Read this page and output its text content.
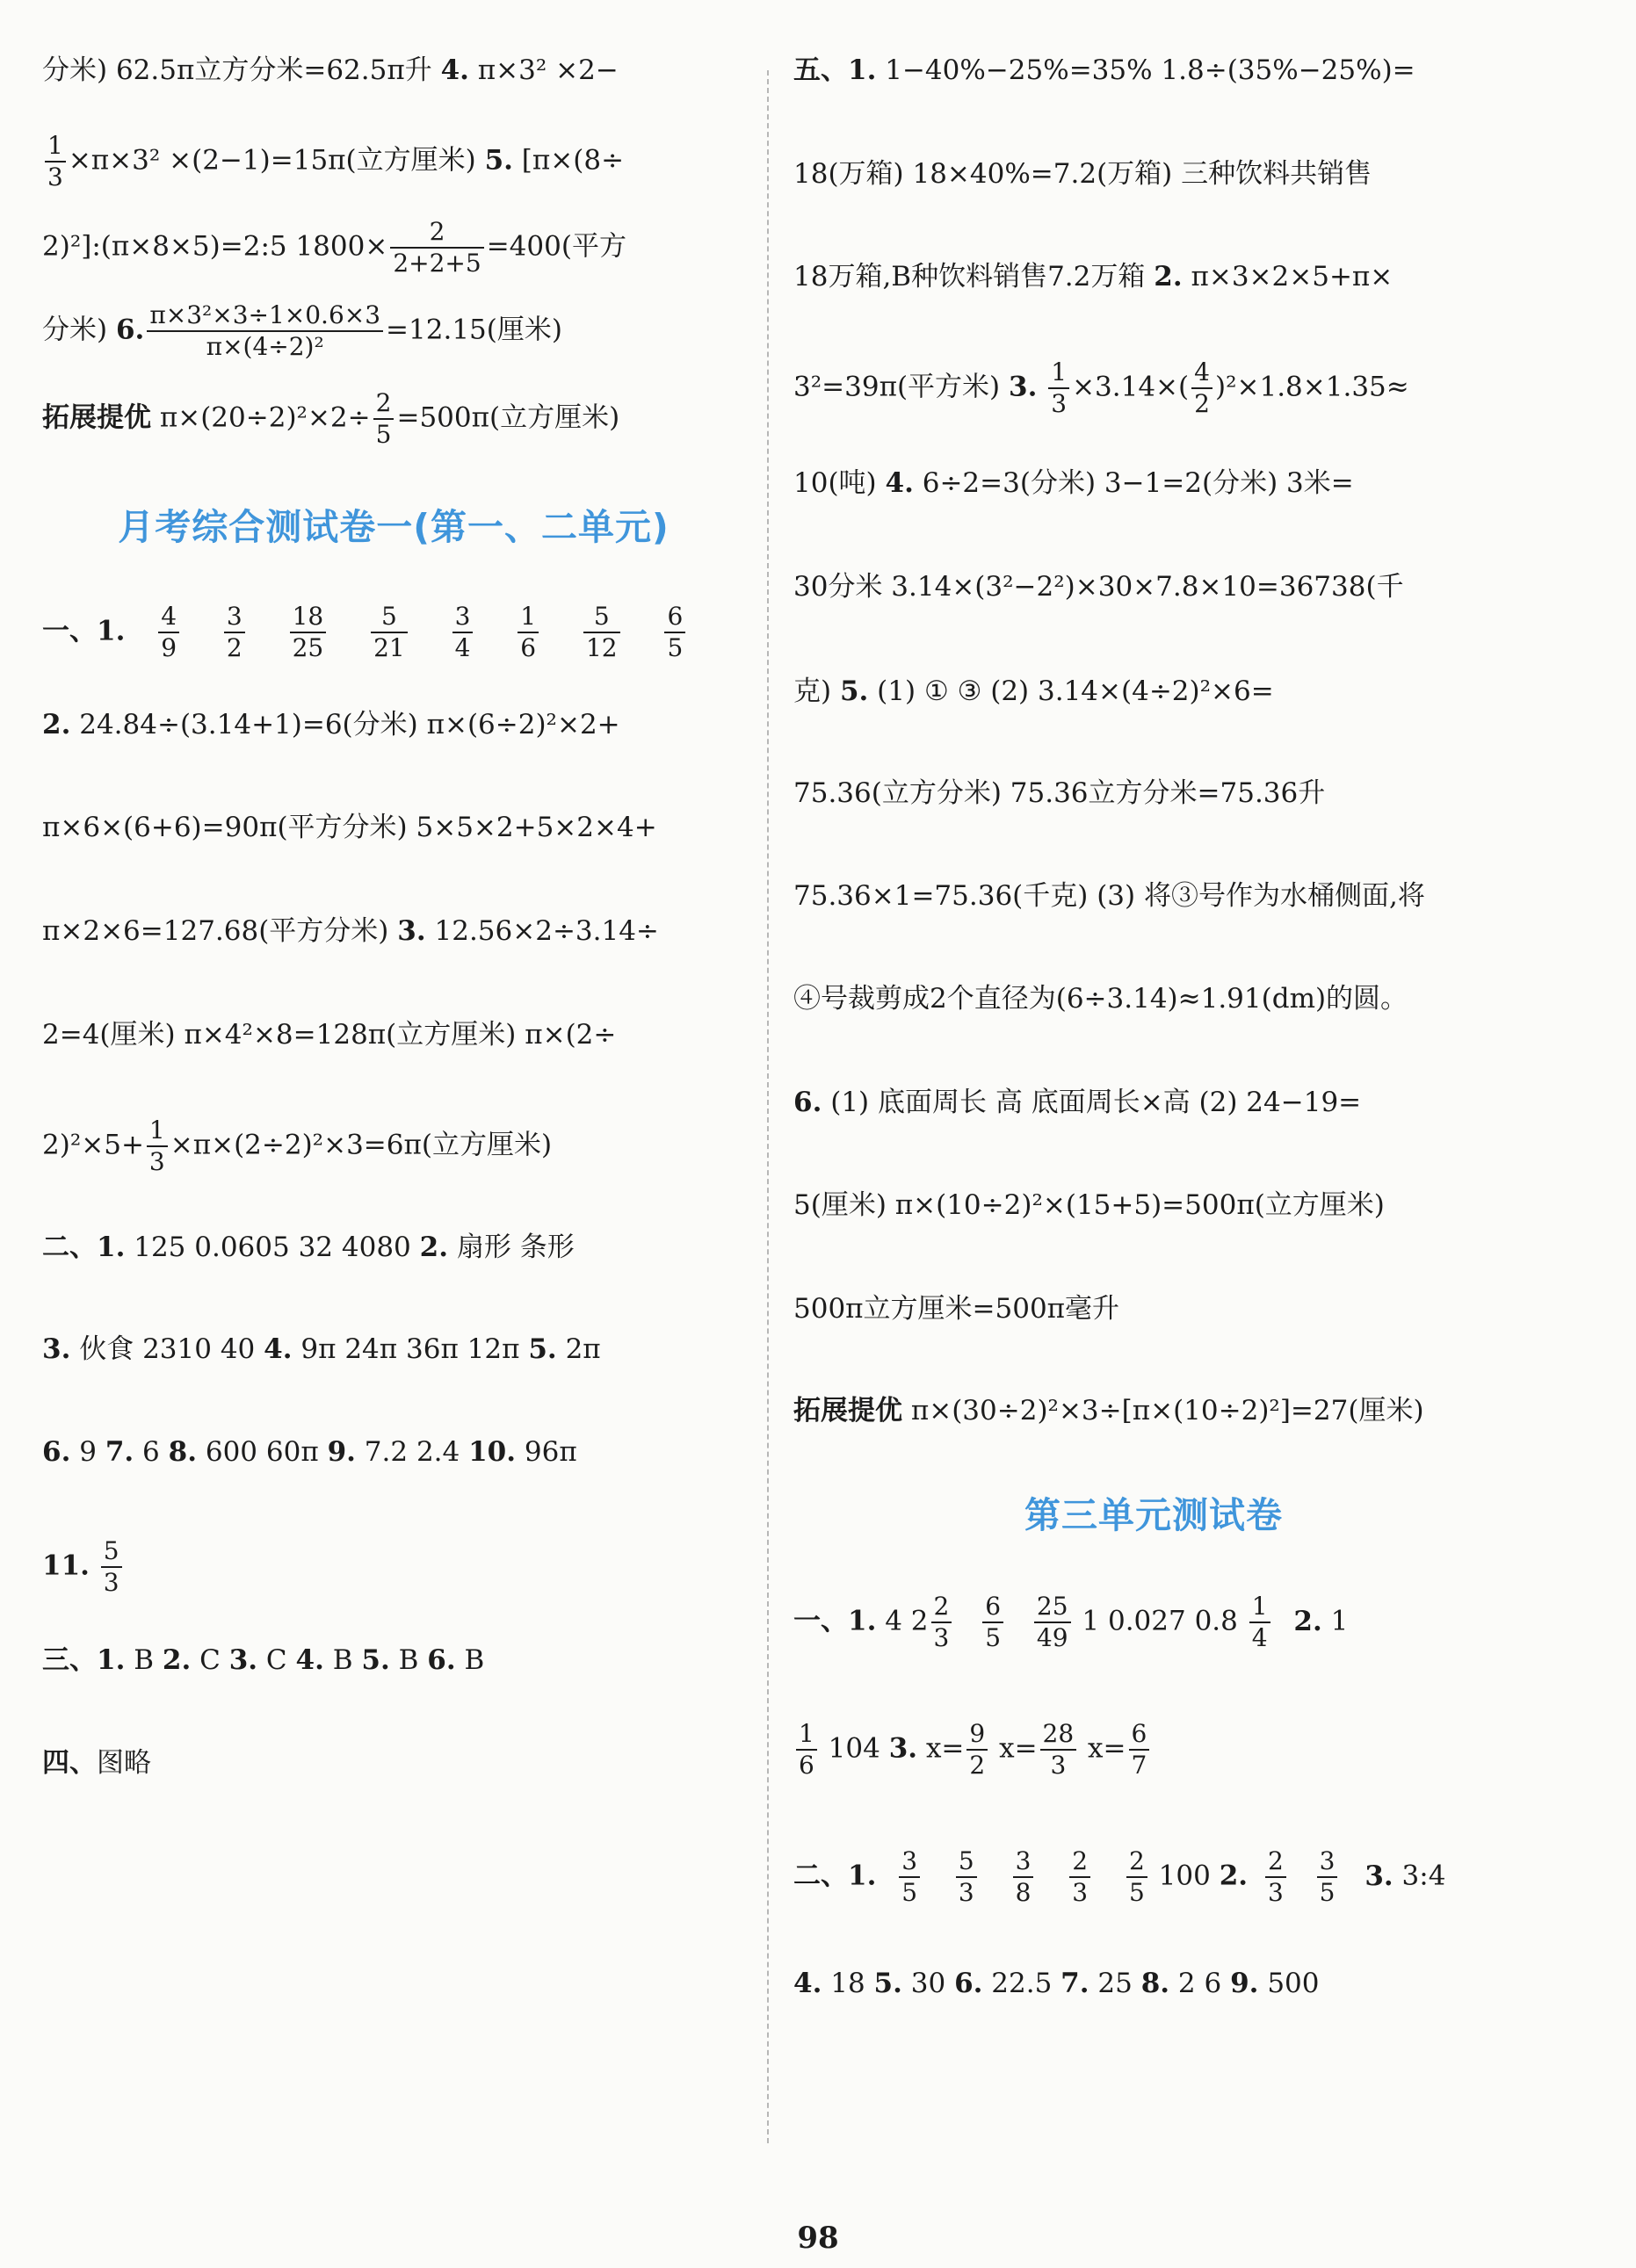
分米) 62.5π立方分米=62.5π升 4. π×3² ×2−
$\frac{1}{3} \times\pi\times 3^2 \times(2-1)=15\pi$(立方厘米) 5. [π×(8÷
2)²]:(π×8×5)=2:5 $1800\times \frac{2}{2+2+5} =400$(平方
分米) 6. $\frac{\text{π×3²×3÷1×0.6×3}}{\text{π×(4÷2)²}} =12.15$(厘米)
拓展提优 $\pi\times(20\div 2)^2\times 2\div \frac{2}{5} =500\pi$(立方厘米)
月考综合测试卷一(第一、二单元)
一、1. $\frac{4}{9}$
$\frac{3}{2}$
$\frac{18}{25}$
$\frac{5}{21}$
$\frac{3}{4}$
$\frac{1}{6}$
$\frac{5}{12}$
$\frac{6}{5}$
2. 24.84÷(3.14+1)=6(分米) π×(6÷2)²×2+
π×6×(6+6)=90π(平方分米) 5×5×2+5×2×4+
π×2×6=127.68(平方分米) 3. 12.56×2÷3.14÷
2=4(厘米) π×4²×8=128π(立方厘米) π×(2÷
$2)^2\times 5+ \frac{1}{3} \times\pi\times(2\div 2)^2\times 3=6\pi$(立方厘米)
二、1. 125 0.0605 32 4080 2. 扇形 条形
3. 伙食 2310 40 4. 9π 24π 36π 12π 5. 2π
6. 9 7. 6 8. 600 60π 9. 7.2 2.4 10. 96π
11. $\frac{5}{3}$
三、1. B 2. C 3. C 4. B 5. B 6. B
四、图略
五、1. 1−40%−25%=35% 1.8÷(35%−25%)=
18(万箱) 18×40%=7.2(万箱) 三种饮料共销售
18万箱,B种饮料销售7.2万箱 2. π×3×2×5+π×
3²=39π(平方米) 3. $\frac{1}{3} \times 3.14\times( \frac{4}{2} )^2\times 1.8\times 1.35\approx$
10(吨) 4. 6÷2=3(分米) 3−1=2(分米) 3米=
30分米 3.14×(3²−2²)×30×7.8×10=36738(千
克) 5. (1) ① ③ (2) 3.14×(4÷2)²×6=
75.36(立方分米) 75.36立方分米=75.36升
75.36×1=75.36(千克) (3) 将③号作为水桶侧面,将
④号裁剪成2个直径为(6÷3.14)≈1.91(dm)的圆。
6. (1) 底面周长 高 底面周长×高 (2) 24−19=
5(厘米) π×(10÷2)²×(15+5)=500π(立方厘米)
500π立方厘米=500π毫升
拓展提优 π×(30÷2)²×3÷[π×(10÷2)²]=27(厘米)
第三单元测试卷
一、1. 4 $2 \frac{2}{3}$
$\frac{6}{5}$
$\frac{25}{49} 1$ 0.027 $0.8 \frac{1}{4} 2$. 1
$\frac{1}{6} 104$ 3. $x= \frac{9}{2} x= \frac{28}{3} x= \frac{6}{7}$
二、1. $\frac{3}{5}$
$\frac{5}{3}$
$\frac{3}{8}$
$\frac{2}{3}$
$\frac{2}{5} 100$ 2. $\frac{2}{3}$
$\frac{3}{5} 3$. 3:4
4. 18 5. 30 6. 22.5 7. 25 8. 2 6 9. 500
98
